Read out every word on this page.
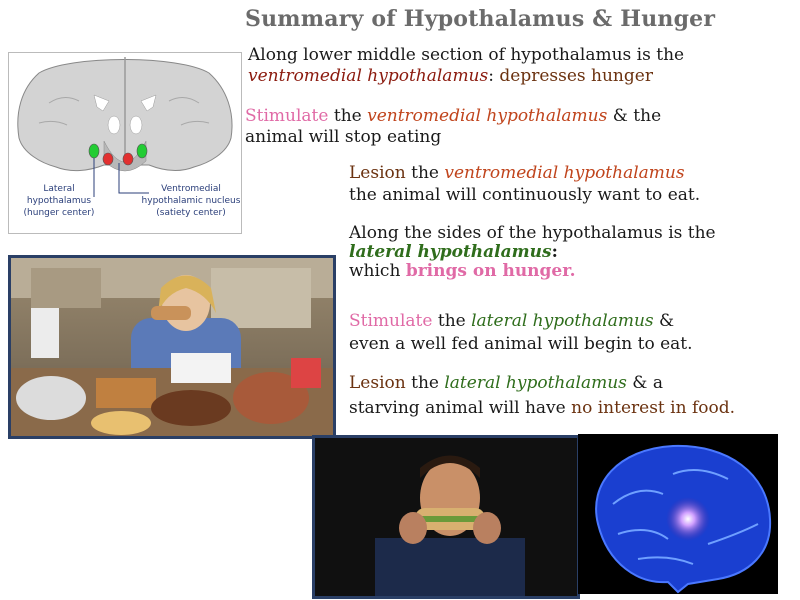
Summary of Hypothalamus & Hunger
Lateral
hypothalamus
(hunger center)
Ventromedial
hypothalamic nucleus
(satiety center)
Along lower middle section of hypothalamus is the
ventromedial hypothalamus: depresses hunger
Stimulate the ventromedial hypothalamus & the
animal will stop eating
Lesion the ventromedial hypothalamus
the animal will continuously want to eat.
Along the sides of the hypothalamus is the
lateral hypothalamus:
which brings on hunger.
Stimulate the lateral hypothalamus &
even a well fed animal will begin to eat.
Lesion the lateral hypothalamus & a
starving animal will have no interest in food.
